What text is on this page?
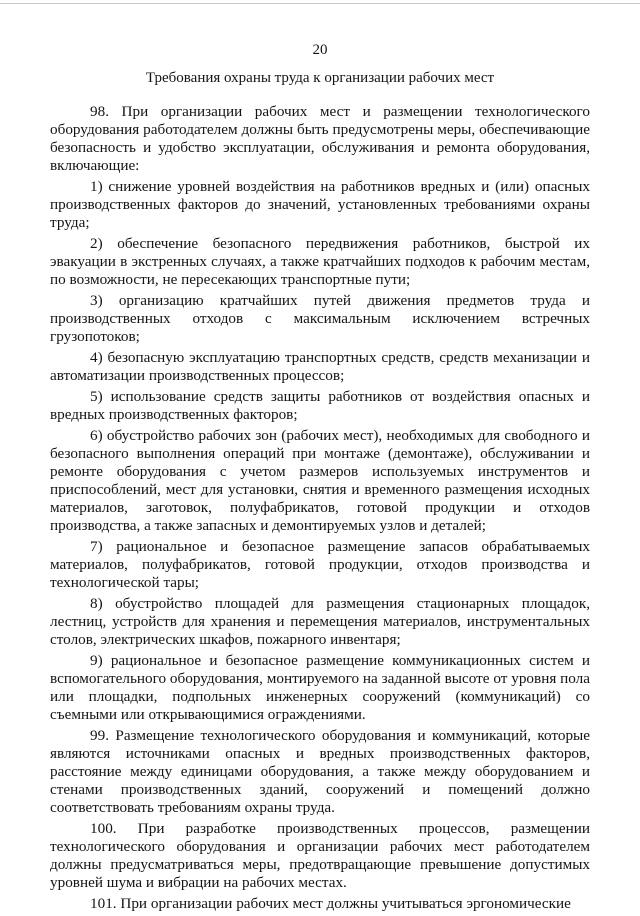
20
Требования охраны труда к организации рабочих мест

98. При организации рабочих мест и размещении технологического оборудования работодателем должны быть предусмотрены меры, обеспечивающие безопасность и удобство эксплуатации, обслуживания и ремонта оборудования, включающие:

1) снижение уровней воздействия на работников вредных и (или) опасных производственных факторов до значений, установленных требованиями охраны труда;

2) обеспечение безопасного передвижения работников, быстрой их эвакуации в экстренных случаях, а также кратчайших подходов к рабочим местам, по возможности, не пересекающих транспортные пути;

3) организацию кратчайших путей движения предметов труда и производственных отходов с максимальным исключением встречных грузопотоков;

4) безопасную эксплуатацию транспортных средств, средств механизации и автоматизации производственных процессов;

5) использование средств защиты работников от воздействия опасных и вредных производственных факторов;

6) обустройство рабочих зон (рабочих мест), необходимых для свободного и безопасного выполнения операций при монтаже (демонтаже), обслуживании и ремонте оборудования с учетом размеров используемых инструментов и приспособлений, мест для установки, снятия и временного размещения исходных материалов, заготовок, полуфабрикатов, готовой продукции и отходов производства, а также запасных и демонтируемых узлов и деталей;

7) рациональное и безопасное размещение запасов обрабатываемых материалов, полуфабрикатов, готовой продукции, отходов производства и технологической тары;

8) обустройство площадей для размещения стационарных площадок, лестниц, устройств для хранения и перемещения материалов, инструментальных столов, электрических шкафов, пожарного инвентаря;

9) рациональное и безопасное размещение коммуникационных систем и вспомогательного оборудования, монтируемого на заданной высоте от уровня пола или площадки, подпольных инженерных сооружений (коммуникаций) со съемными или открывающимися ограждениями.

99. Размещение технологического оборудования и коммуникаций, которые являются источниками опасных и вредных производственных факторов, расстояние между единицами оборудования, а также между оборудованием и стенами производственных зданий, сооружений и помещений должно соответствовать требованиям охраны труда.

100. При разработке производственных процессов, размещении технологического оборудования и организации рабочих мест работодателем должны предусматриваться меры, предотвращающие превышение допустимых уровней шума и вибрации на рабочих местах.

101. При организации рабочих мест должны учитываться эргономические
